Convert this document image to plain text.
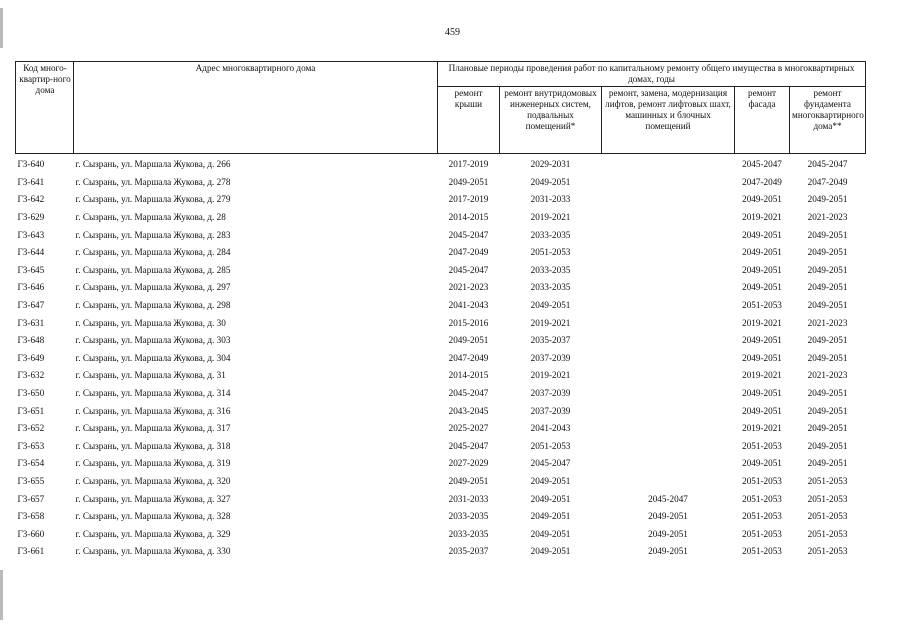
459
Код много-квартир-ного дома	Адрес многоквартирного дома	Плановые периоды проведения работ по капитальному ремонту общего имущества в многоквартирных домах, годы				
		ремонт крыши	ремонт внутридомовых инженерных систем, подвальных помещений*	ремонт, замена, модернизация лифтов, ремонт лифтовых шахт, машинных и блочных помещений	ремонт фасада	ремонт фундамента многоквартирного дома**
Г3-640	г. Сызрань, ул. Маршала Жукова, д. 266	2017-2019	2029-2031		2045-2047	2045-2047
Г3-641	г. Сызрань, ул. Маршала Жукова, д. 278	2049-2051	2049-2051		2047-2049	2047-2049
Г3-642	г. Сызрань, ул. Маршала Жукова, д. 279	2017-2019	2031-2033		2049-2051	2049-2051
Г3-629	г. Сызрань, ул. Маршала Жукова, д. 28	2014-2015	2019-2021		2019-2021	2021-2023
Г3-643	г. Сызрань, ул. Маршала Жукова, д. 283	2045-2047	2033-2035		2049-2051	2049-2051
Г3-644	г. Сызрань, ул. Маршала Жукова, д. 284	2047-2049	2051-2053		2049-2051	2049-2051
Г3-645	г. Сызрань, ул. Маршала Жукова, д. 285	2045-2047	2033-2035		2049-2051	2049-2051
Г3-646	г. Сызрань, ул. Маршала Жукова, д. 297	2021-2023	2033-2035		2049-2051	2049-2051
Г3-647	г. Сызрань, ул. Маршала Жукова, д. 298	2041-2043	2049-2051		2051-2053	2049-2051
Г3-631	г. Сызрань, ул. Маршала Жукова, д. 30	2015-2016	2019-2021		2019-2021	2021-2023
Г3-648	г. Сызрань, ул. Маршала Жукова, д. 303	2049-2051	2035-2037		2049-2051	2049-2051
Г3-649	г. Сызрань, ул. Маршала Жукова, д. 304	2047-2049	2037-2039		2049-2051	2049-2051
Г3-632	г. Сызрань, ул. Маршала Жукова, д. 31	2014-2015	2019-2021		2019-2021	2021-2023
Г3-650	г. Сызрань, ул. Маршала Жукова, д. 314	2045-2047	2037-2039		2049-2051	2049-2051
Г3-651	г. Сызрань, ул. Маршала Жукова, д. 316	2043-2045	2037-2039		2049-2051	2049-2051
Г3-652	г. Сызрань, ул. Маршала Жукова, д. 317	2025-2027	2041-2043		2019-2021	2049-2051
Г3-653	г. Сызрань, ул. Маршала Жукова, д. 318	2045-2047	2051-2053		2051-2053	2049-2051
Г3-654	г. Сызрань, ул. Маршала Жукова, д. 319	2027-2029	2045-2047		2049-2051	2049-2051
Г3-655	г. Сызрань, ул. Маршала Жукова, д. 320	2049-2051	2049-2051		2051-2053	2051-2053
Г3-657	г. Сызрань, ул. Маршала Жукова, д. 327	2031-2033	2049-2051	2045-2047	2051-2053	2051-2053
Г3-658	г. Сызрань, ул. Маршала Жукова, д. 328	2033-2035	2049-2051	2049-2051	2051-2053	2051-2053
Г3-660	г. Сызрань, ул. Маршала Жукова, д. 329	2033-2035	2049-2051	2049-2051	2051-2053	2051-2053
Г3-661	г. Сызрань, ул. Маршала Жукова, д. 330	2035-2037	2049-2051	2049-2051	2051-2053	2051-2053
